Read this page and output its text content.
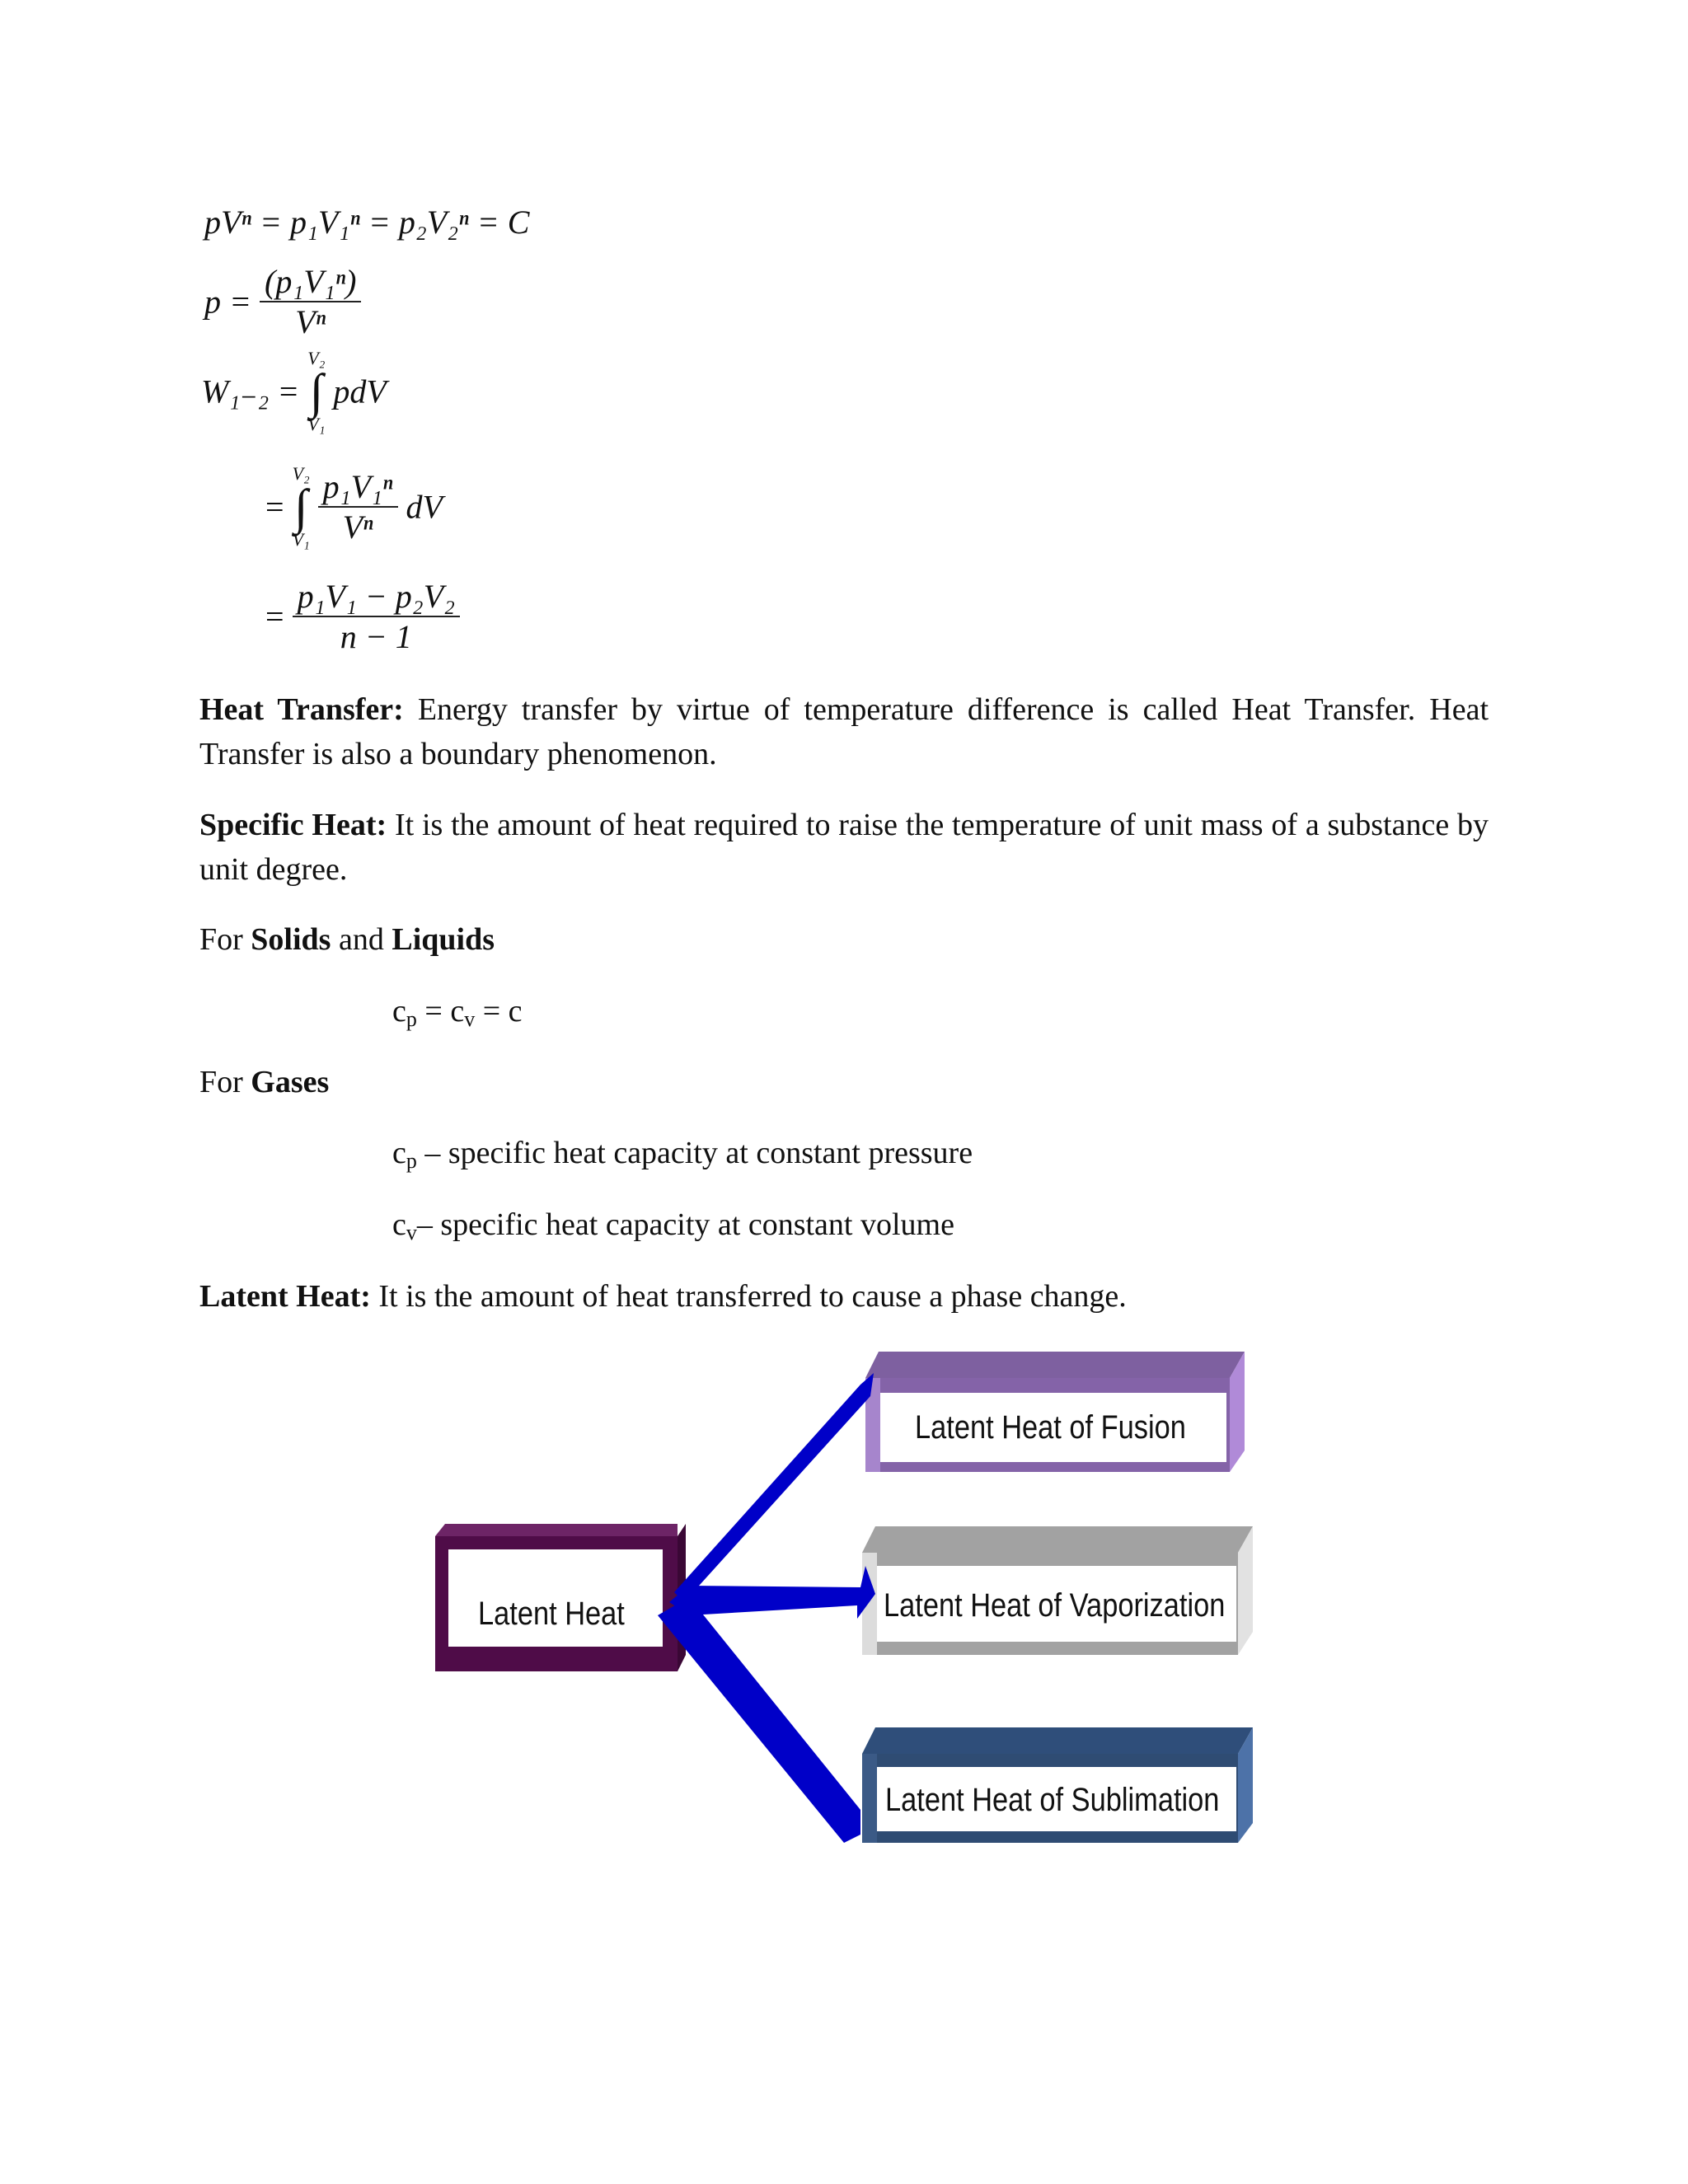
pVⁿ = p₁V₁ⁿ = p₂V₂ⁿ = C
$p = \frac{\text{(p₁V₁ⁿ)}}{\text{Vⁿ}}$
W₁₋₂ =
V₂
∫
V₁
pdV
=
V₂
∫
V₁
$\frac{\text{p₁V₁ⁿ}}{\text{Vⁿ}}$ dV
= $\frac{\text{p₁V₁ − p₂V₂}}{n - 1}$
Heat Transfer: Energy transfer by virtue of temperature difference is called Heat Transfer. Heat Transfer is also a boundary phenomenon.
Specific Heat: It is the amount of heat required to raise the temperature of unit mass of a substance by unit degree.
For Solids and Liquids
cp = cv = c
For Gases
cp – specific heat capacity at constant pressure
cv– specific heat capacity at constant volume
Latent Heat: It is the amount of heat transferred to cause a phase change.
Latent Heat
Latent Heat of Fusion
Latent Heat of Vaporization
Latent Heat of Sublimation
